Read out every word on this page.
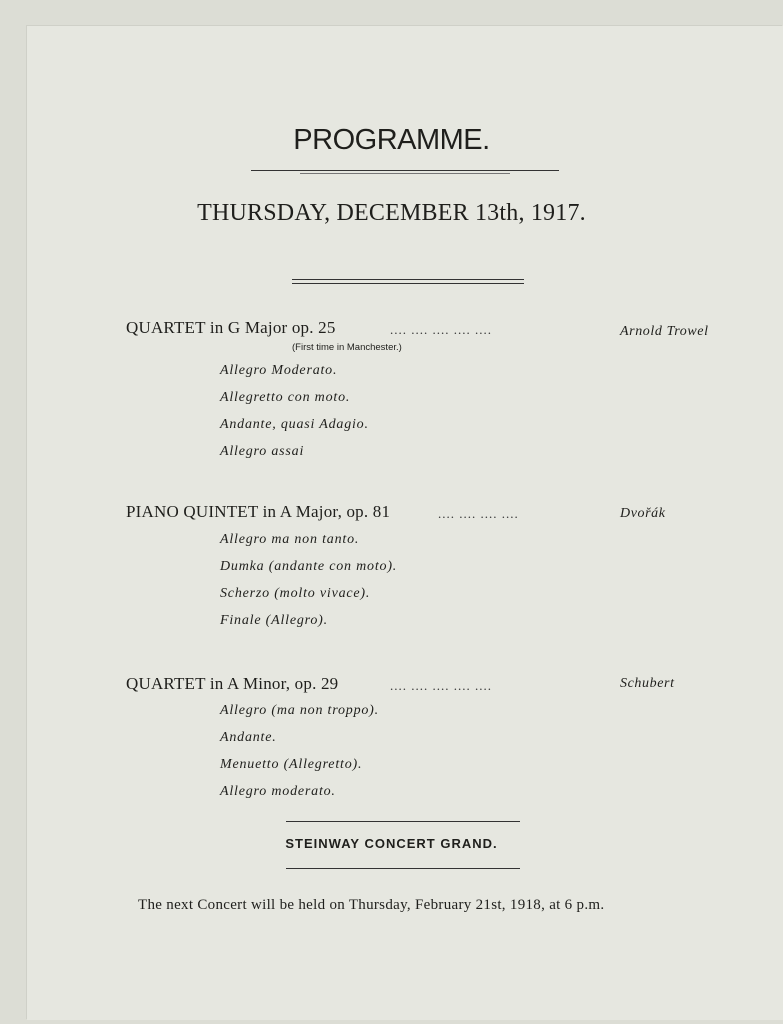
PROGRAMME.
THURSDAY, DECEMBER 13th, 1917.
QUARTET in G Major op. 25	.... .... .... .... ....	Arnold Trowel
(First time in Manchester.)
Allegro Moderato.
Allegretto con moto.
Andante, quasi Adagio.
Allegro assai
PIANO QUINTET in A Major, op. 81	.... .... .... ....	Dvořák
Allegro ma non tanto.
Dumka (andante con moto).
Scherzo (molto vivace).
Finale (Allegro).
QUARTET in A Minor, op. 29	.... .... .... .... ....	Schubert
Allegro (ma non troppo).
Andante.
Menuetto (Allegretto).
Allegro moderato.
STEINWAY CONCERT GRAND.
The next Concert will be held on Thursday, February 21st, 1918, at 6 p.m.
